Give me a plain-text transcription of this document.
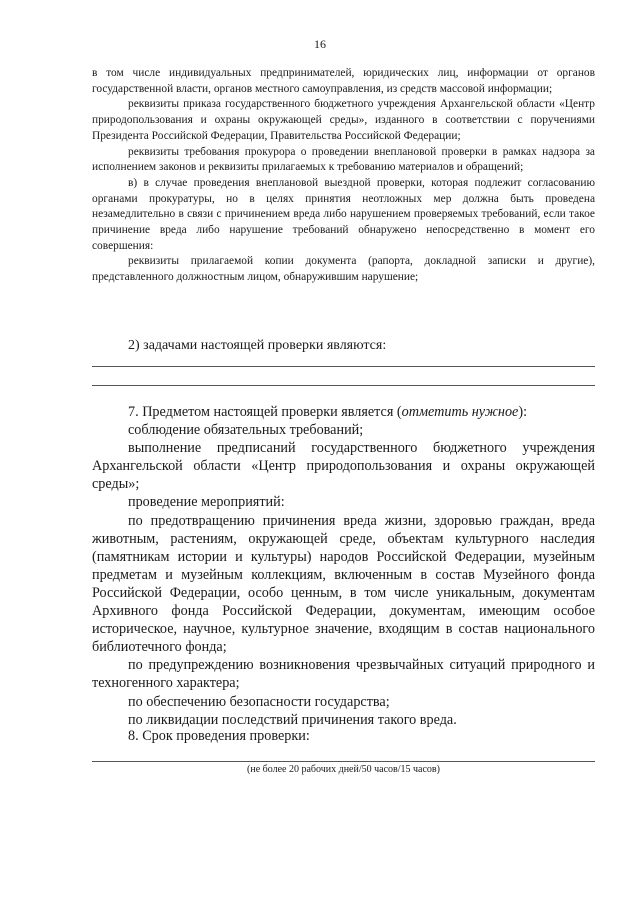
16

в том числе индивидуальных предпринимателей, юридических лиц, информации от органов государственной власти, органов местного самоуправления, из средств массовой информации;

реквизиты приказа государственного бюджетного учреждения Архангельской области «Центр природопользования и охраны окружающей среды», изданного в соответствии с поручениями Президента Российской Федерации, Правительства Российской Федерации;

реквизиты требования прокурора о проведении внеплановой проверки в рамках надзора за исполнением законов и реквизиты прилагаемых к требованию материалов и обращений;

в) в случае проведения внеплановой выездной проверки, которая подлежит согласованию органами прокуратуры, но в целях принятия неотложных мер должна быть проведена незамедлительно в связи с причинением вреда либо нарушением проверяемых требований, если такое причинение вреда либо нарушение требований обнаружено непосредственно в момент его совершения:

реквизиты прилагаемой копии документа (рапорта, докладной записки и другие), представленного должностным лицом, обнаружившим нарушение;

2) задачами настоящей проверки являются:

7. Предметом настоящей проверки является (отметить нужное):

соблюдение обязательных требований;

выполнение предписаний государственного бюджетного учреждения Архангельской области «Центр природопользования и охраны окружающей среды»;

проведение мероприятий:

по предотвращению причинения вреда жизни, здоровью граждан, вреда животным, растениям, окружающей среде, объектам культурного наследия (памятникам истории и культуры) народов Российской Федерации, музейным предметам и музейным коллекциям, включенным в состав Музейного фонда Российской Федерации, особо ценным, в том числе уникальным, документам Архивного фонда Российской Федерации, документам, имеющим особое историческое, научное, культурное значение, входящим в состав национального библиотечного фонда;

по предупреждению возникновения чрезвычайных ситуаций природного и техногенного характера;

по обеспечению безопасности государства;

по ликвидации последствий причинения такого вреда.

8. Срок проведения проверки:
(не более 20 рабочих дней/50 часов/15 часов)
